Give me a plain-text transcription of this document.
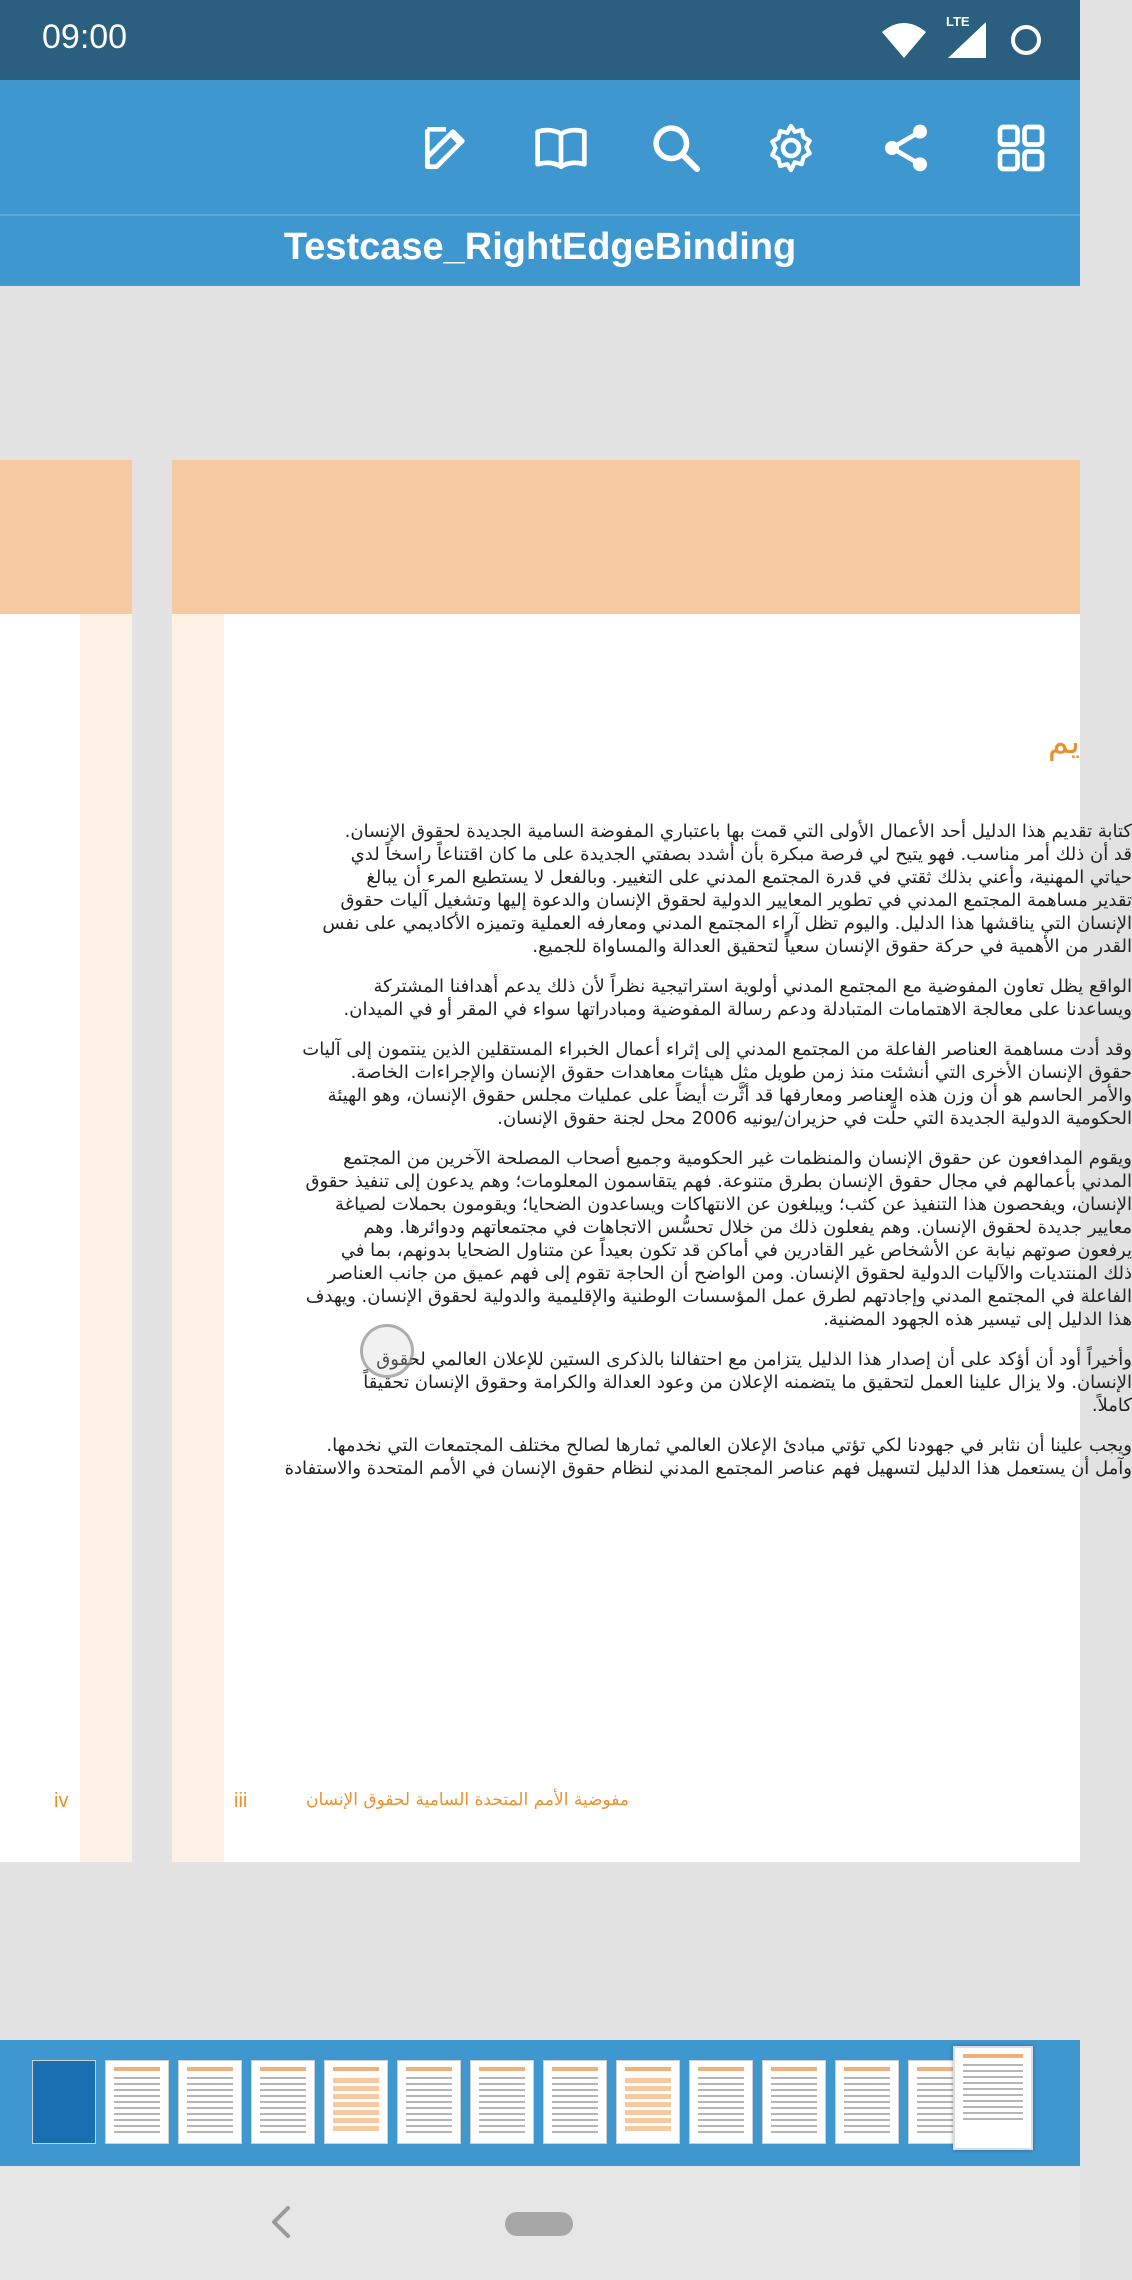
09:00	LTE
Testcase_RightEdgeBinding
iv
يم
كتابة تقديم هذا الدليل أحد الأعمال الأولى التي قمت بها باعتباري المفوضة السامية الجديدة لحقوق الإنسان.
قد أن ذلك أمر مناسب. فهو يتيح لي فرصة مبكرة بأن أشدد بصفتي الجديدة على ما كان اقتناعاً راسخاً لدي
حياتي المهنية، وأعني بذلك ثقتي في قدرة المجتمع المدني على التغيير. وبالفعل لا يستطيع المرء أن يبالغ
تقدير مساهمة المجتمع المدني في تطوير المعايير الدولية لحقوق الإنسان والدعوة إليها وتشغيل آليات حقوق
الإنسان التي يناقشها هذا الدليل. واليوم تظل آراء المجتمع المدني ومعارفه العملية وتميزه الأكاديمي على نفس
القدر من الأهمية في حركة حقوق الإنسان سعياً لتحقيق العدالة والمساواة للجميع.
الواقع يظل تعاون المفوضية مع المجتمع المدني أولوية استراتيجية نظراً لأن ذلك يدعم أهدافنا المشتركة
ويساعدنا على معالجة الاهتمامات المتبادلة ودعم رسالة المفوضية ومبادراتها سواء في المقر أو في الميدان.
وقد أدت مساهمة العناصر الفاعلة من المجتمع المدني إلى إثراء أعمال الخبراء المستقلين الذين ينتمون إلى آليات
حقوق الإنسان الأخرى التي أنشئت منذ زمن طويل مثل هيئات معاهدات حقوق الإنسان والإجراءات الخاصة.
والأمر الحاسم هو أن وزن هذه العناصر ومعارفها قد أثَّرت أيضاً على عمليات مجلس حقوق الإنسان، وهو الهيئة
الحكومية الدولية الجديدة التي حلَّت في حزيران/يونيه 2006 محل لجنة حقوق الإنسان.
ويقوم المدافعون عن حقوق الإنسان والمنظمات غير الحكومية وجميع أصحاب المصلحة الآخرين من المجتمع
المدني بأعمالهم في مجال حقوق الإنسان بطرق متنوعة. فهم يتقاسمون المعلومات؛ وهم يدعون إلى تنفيذ حقوق
الإنسان، ويفحصون هذا التنفيذ عن كثب؛ ويبلغون عن الانتهاكات ويساعدون الضحايا؛ ويقومون بحملات لصياغة
معايير جديدة لحقوق الإنسان. وهم يفعلون ذلك من خلال تحسُّس الاتجاهات في مجتمعاتهم ودوائرها. وهم
يرفعون صوتهم نيابة عن الأشخاص غير القادرين في أماكن قد تكون بعيداً عن متناول الضحايا بدونهم، بما في
ذلك المنتديات والآليات الدولية لحقوق الإنسان. ومن الواضح أن الحاجة تقوم إلى فهم عميق من جانب العناصر
الفاعلة في المجتمع المدني وإجادتهم لطرق عمل المؤسسات الوطنية والإقليمية والدولية لحقوق الإنسان. ويهدف
هذا الدليل إلى تيسير هذه الجهود المضنية.
وأخيراً أود أن أؤكد على أن إصدار هذا الدليل يتزامن مع احتفالنا بالذكرى الستين للإعلان العالمي لحقوق
الإنسان. ولا يزال علينا العمل لتحقيق ما يتضمنه الإعلان من وعود العدالة والكرامة وحقوق الإنسان تحقيقاً
كاملاً.
ويجب علينا أن نثابر في جهودنا لكي تؤتي مبادئ الإعلان العالمي ثمارها لصالح مختلف المجتمعات التي نخدمها.
وآمل أن يستعمل هذا الدليل لتسهيل فهم عناصر المجتمع المدني لنظام حقوق الإنسان في الأمم المتحدة والاستفادة
مفوضية الأمم المتحدة السامية لحقوق الإنسان
iii
